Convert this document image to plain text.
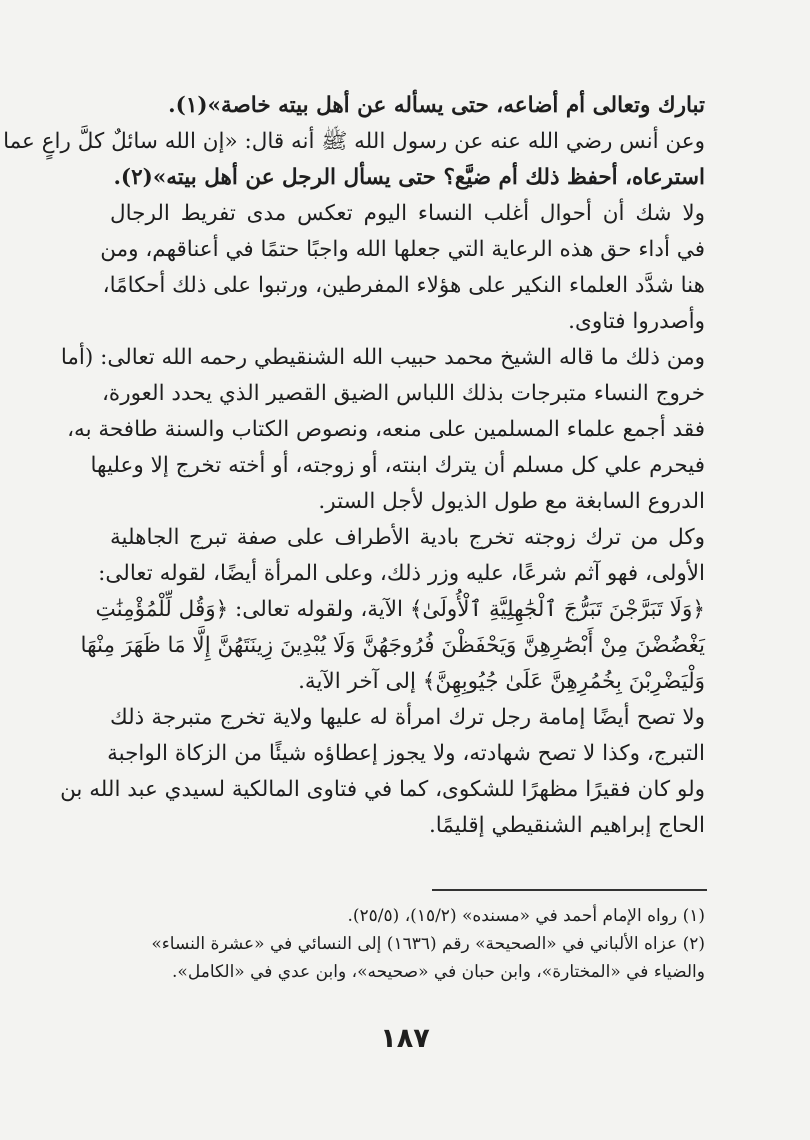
تبارك وتعالى أم أضاعه، حتى يسأله عن أهل بيته خاصة»(١).
وعن أنس رضي الله عنه عن رسول الله ﷺ أنه قال: «إن الله سائلٌ كلَّ راعٍ عما
استرعاه، أحفظ ذلك أم ضيَّع؟ حتى يسأل الرجل عن أهل بيته»(٢).
ولا شك أن أحوال أغلب النساء اليوم تعكس مدى تفريط الرجال
في أداء حق هذه الرعاية التي جعلها الله واجبًا حتمًا في أعناقهم، ومن
هنا شدَّد العلماء النكير على هؤلاء المفرطين، ورتبوا على ذلك أحكامًا،
وأصدروا فتاوى.
ومن ذلك ما قاله الشيخ محمد حبيب الله الشنقيطي رحمه الله تعالى: (أما
خروج النساء متبرجات بذلك اللباس الضيق القصير الذي يحدد العورة،
فقد أجمع علماء المسلمين على منعه، ونصوص الكتاب والسنة طافحة به،
فيحرم علي كل مسلم أن يترك ابنته، أو زوجته، أو أخته تخرج إلا وعليها
الدروع السابغة مع طول الذيول لأجل الستر.
وكل من ترك زوجته تخرج بادية الأطراف على صفة تبرج الجاهلية
الأولى، فهو آثم شرعًا، عليه وزر ذلك، وعلى المرأة أيضًا، لقوله تعالى:
﴿وَلَا تَبَرَّجْنَ تَبَرُّجَ ٱلْجَٰهِلِيَّةِ ٱلْأُولَىٰ﴾ الآية، ولقوله تعالى: ﴿وَقُل لِّلْمُؤْمِنَٰتِ
يَغْضُضْنَ مِنْ أَبْصَٰرِهِنَّ وَيَحْفَظْنَ فُرُوجَهُنَّ وَلَا يُبْدِينَ زِينَتَهُنَّ إِلَّا مَا ظَهَرَ مِنْهَا
وَلْيَضْرِبْنَ بِخُمُرِهِنَّ عَلَىٰ جُيُوبِهِنَّ﴾ إلى آخر الآية.
ولا تصح أيضًا إمامة رجل ترك امرأة له عليها ولاية تخرج متبرجة ذلك
التبرج، وكذا لا تصح شهادته، ولا يجوز إعطاؤه شيئًا من الزكاة الواجبة
ولو كان فقيرًا مظهرًا للشكوى، كما في فتاوى المالكية لسيدي عبد الله بن
الحاج إبراهيم الشنقيطي إقليمًا.
(١) رواه الإمام أحمد في «مسنده» (١٥/٢)، (٢٥/٥).
(٢) عزاه الألباني في «الصحيحة» رقم (١٦٣٦) إلى النسائي في «عشرة النساء»
والضياء في «المختارة»، وابن حبان في «صحيحه»، وابن عدي في «الكامل».
١٨٧
